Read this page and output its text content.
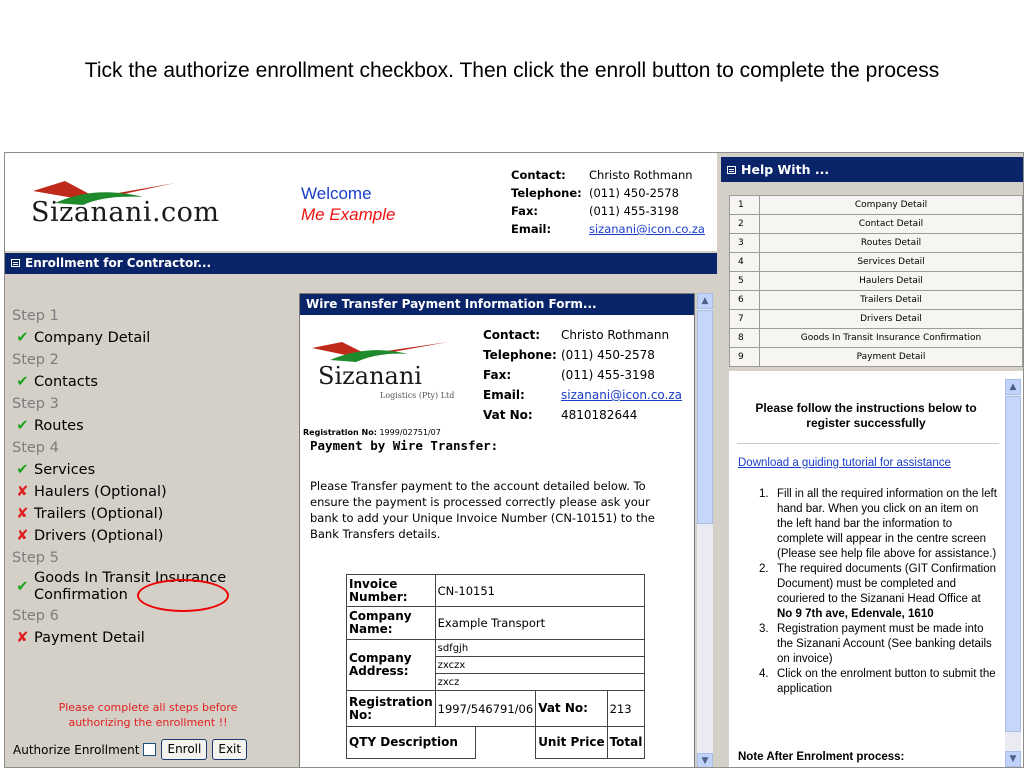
Tick the authorize enrollment checkbox. Then click the enroll button to complete the process
Sizanani.com
Welcome
Me Example
Contact:	Christo Rothmann
Telephone: (011) 450-2578
Fax:	(011) 455-3198
Email:	sizanani@icon.co.za
Enrollment for Contractor...
Step 1
✔ Company Detail
Step 2
✔ Contacts
Step 3
✔ Routes
Step 4
✔ Services
✘ Haulers (Optional)
✘ Trailers (Optional)
✘ Drivers (Optional)
Step 5
✔
Goods In Transit Insurance Confirmation
Step 6
✘ Payment Detail
Please complete all steps before authorizing the enrollment !!
Authorize Enrollment	Enroll	Exit
Wire Transfer Payment Information Form...
Sizanani
Logistics (Pty) Ltd
Contact:	Christo Rothmann
Telephone: (011) 450-2578
Fax:	(011) 455-3198
Email:	sizanani@icon.co.za
Vat No:	4810182644
Registration No: 1999/02751/07
Payment by Wire Transfer:
Please Transfer payment to the account detailed below. To ensure the payment is processed correctly please ask your bank to add your Unique Invoice Number (CN-10151) to the Bank Transfers details.
Invoice Number:	CN-10151			
Company Name:	Example Transport			
Company Address:	sdfgjh			
	zxczx			
	zxcz			
Registration No:	1997/546791/06		Vat No:	213
QTY Description			Unit Price	Total
▲
▼
Help With ...
1	Company Detail
2	Contact Detail
3	Routes Detail
4	Services Detail
5	Haulers Detail
6	Trailers Detail
7	Drivers Detail
8	Goods In Transit Insurance Confirmation
9	Payment Detail
Please follow the instructions below to register successfully
Download a guiding tutorial for assistance
1. Fill in all the required information on the left hand bar. When you click on an item on the left hand bar the information to complete will appear in the centre screen (Please see help file above for assistance.)
2. The required documents (GIT Confirmation Document) must be completed and couriered to the Sizanani Head Office at No 9 7th ave, Edenvale, 1610
3. Registration payment must be made into the Sizanani Account (See banking details on invoice)
4. Click on the enrolment button to submit the application
Note After Enrolment process:
▲
▼
